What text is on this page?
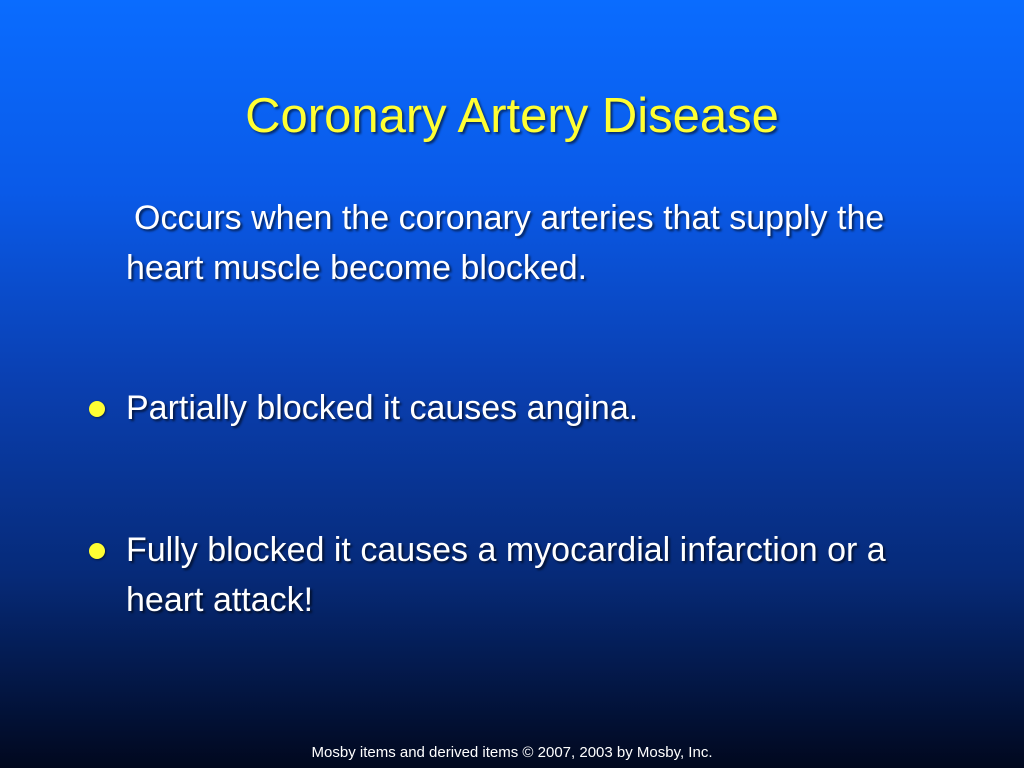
Coronary Artery Disease
Occurs when the coronary arteries that supply the heart muscle become blocked.
Partially blocked it causes angina.
Fully blocked it causes a myocardial infarction or a heart attack!
Mosby items and derived items © 2007, 2003 by Mosby, Inc.
